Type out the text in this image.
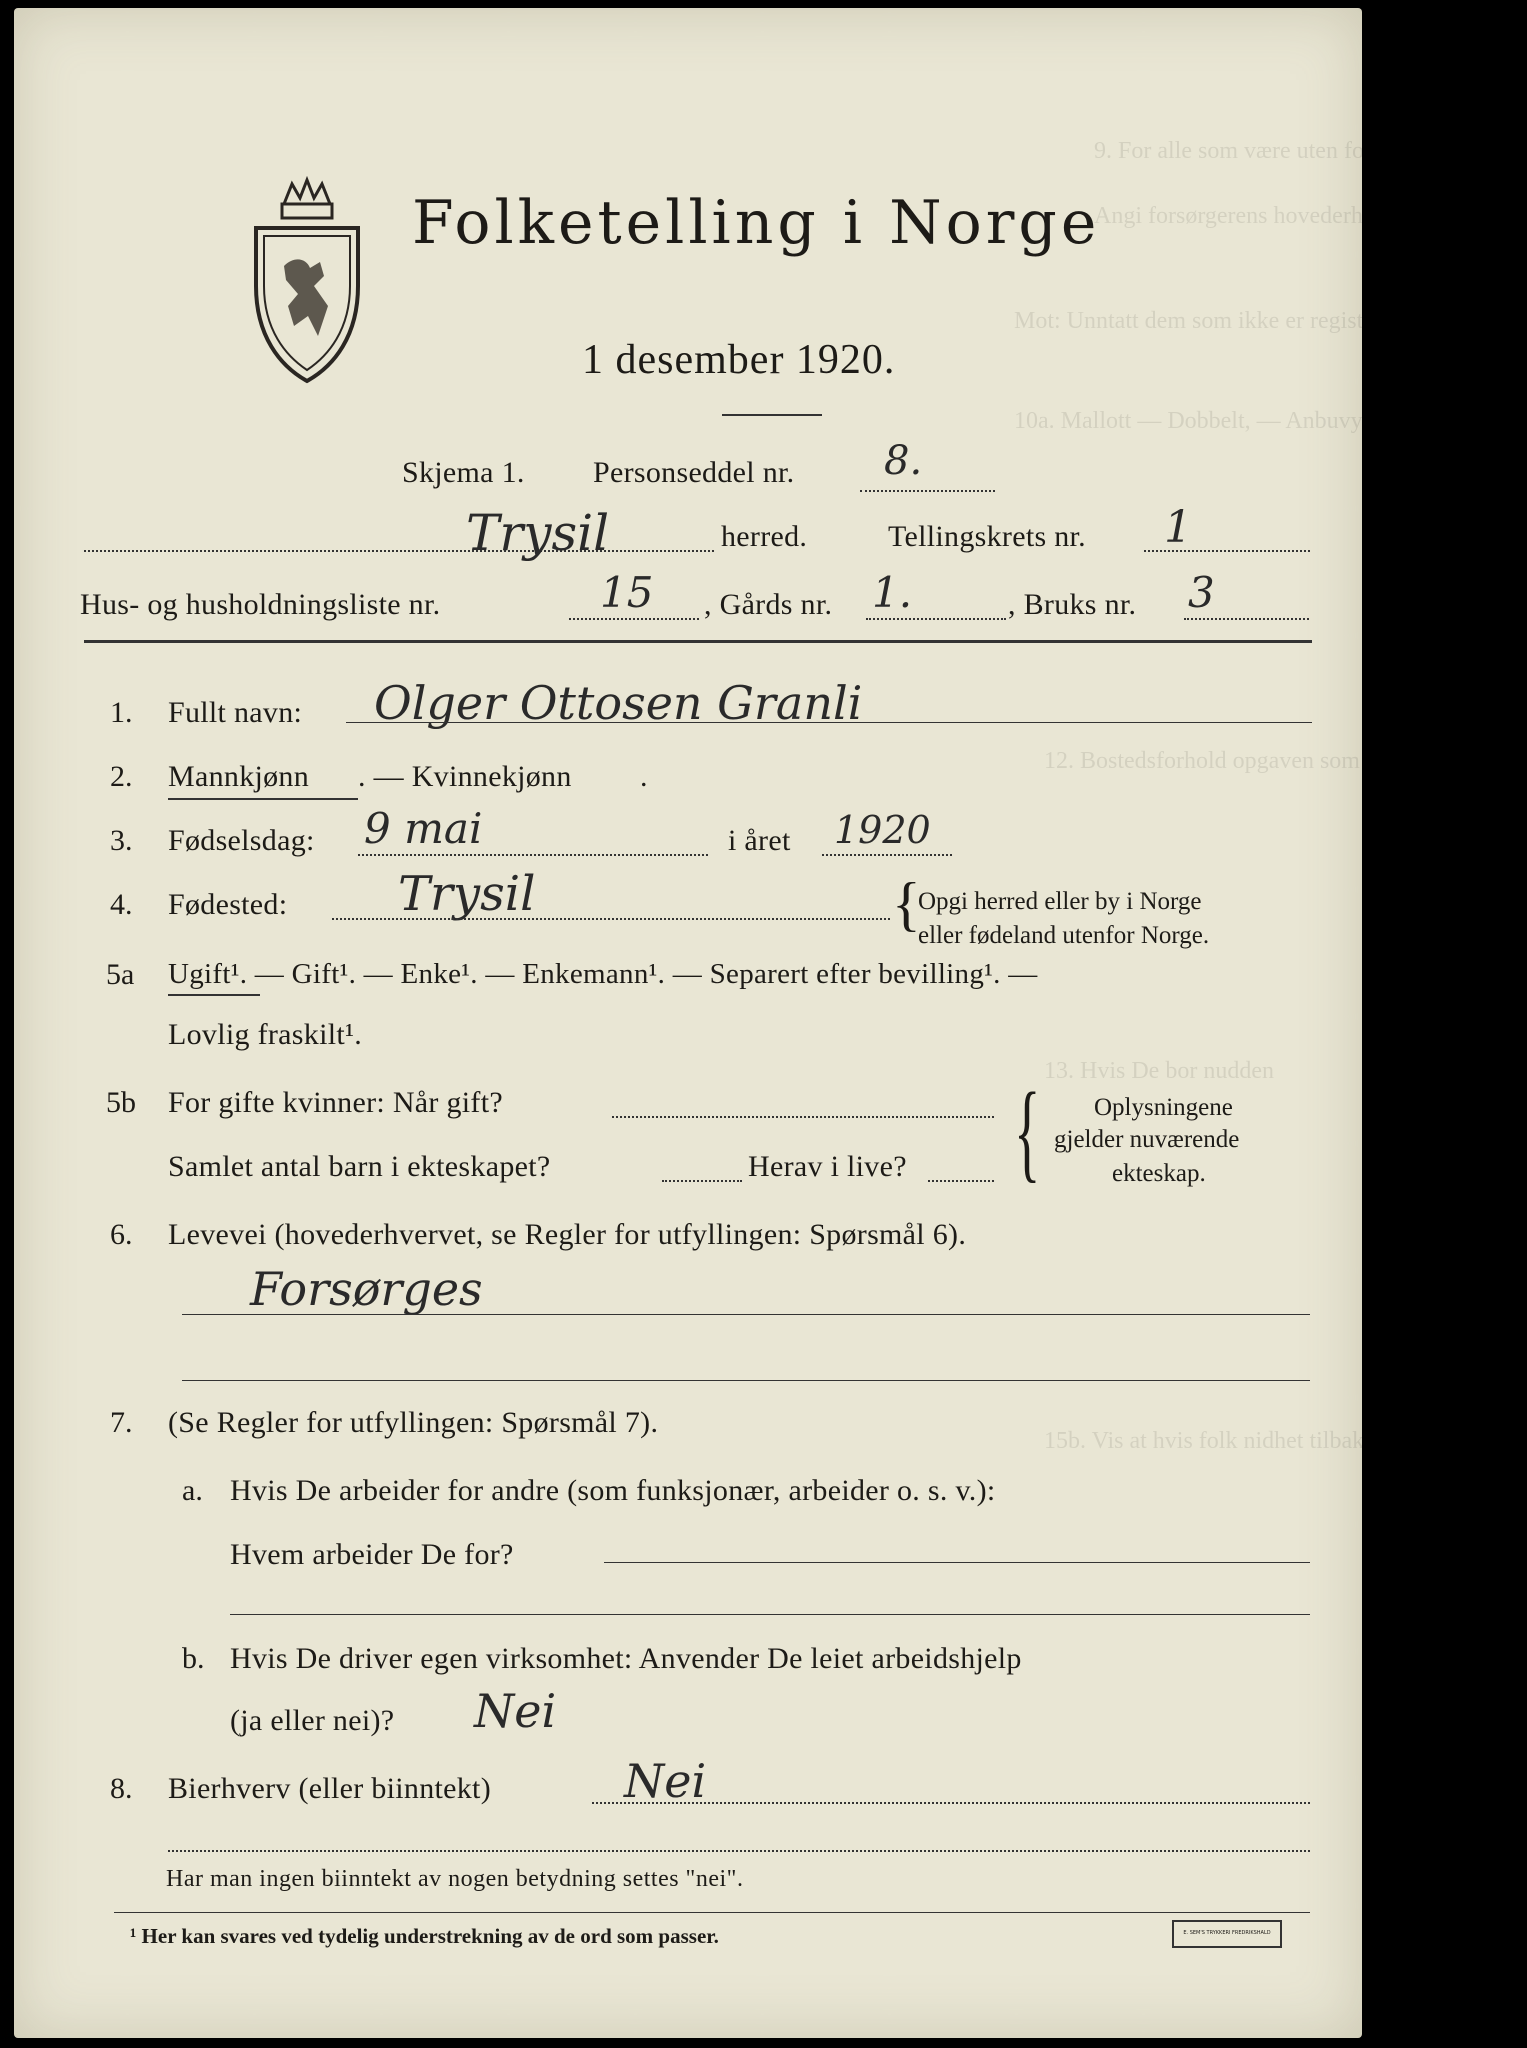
9. For alle som være uten forsørges av andre:
Angi forsørgerens hovederhverv
Mot: Unntatt dem som ikke er registert
10a. Mallott — Dobbelt, — Anbuvyk — Lopmig
12. Bostedsforhold opgaven som hundrer
13. Hvis De bor nudden
15b. Vis at hvis folk nidhet tilbake
Folketelling i Norge
1 desember 1920.
Skjema 1. Personseddel nr. 8.
Trysil	herred.	Tellingskrets nr. 1
Hus- og husholdningsliste nr.	15 , Gårds nr. 1.	, Bruks nr. 3
1. Fullt navn: Olger Ottosen Granli
2. Mannkjønn . — Kvinnekjønn .
3. Fødselsdag: 9 mai	i året 1920
4. Fødested: Trysil	{
Opgi herred eller by i Norge
eller fødeland utenfor Norge.
5a Ugift¹. — Gift¹. — Enke¹. — Enkemann¹. — Separert efter bevilling¹. —
Lovlig fraskilt¹.
5b For gifte kvinner: Når gift?
Samlet antal barn i ekteskapet?	Herav i live? { Oplysningene
gjelder nuværende
ekteskap.
6. Levevei (hovederhvervet, se Regler for utfyllingen: Spørsmål 6).
Forsørges
7. (Se Regler for utfyllingen: Spørsmål 7).
a. Hvis De arbeider for andre (som funksjonær, arbeider o. s. v.):
Hvem arbeider De for?
b. Hvis De driver egen virksomhet: Anvender De leiet arbeidshjelp
(ja eller nei)? Nei
8. Bierhverv (eller biinntekt)	Nei
Har man ingen biinntekt av nogen betydning settes "nei".
¹ Her kan svares ved tydelig understrekning av de ord som passer.	E. SEM'S TRYKKERI FREDRIKSHALD
